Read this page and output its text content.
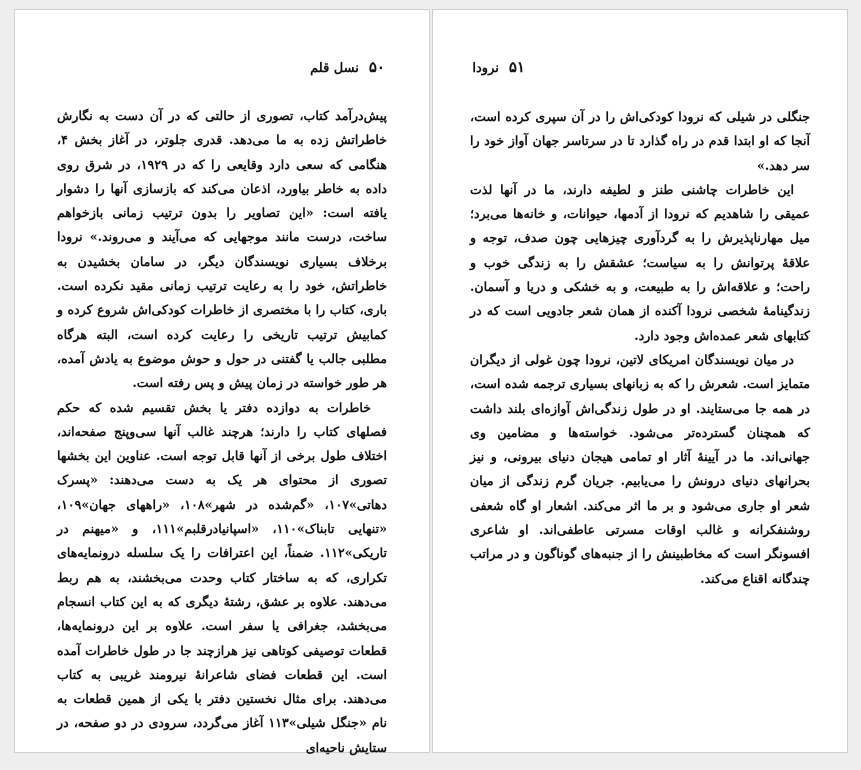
۵۰نسل قلم

پیش‌درآمد کتاب، تصوری از حالتی که در آن دست به نگارش خاطراتش زده به ما می‌دهد. قدری جلوتر، در آغاز بخش ۴، هنگامی که سعی دارد وقایعی را که در ۱۹۲۹، در شرق روی داده به خاطر بیاورد، اذعان می‌کند که بازسازی آنها را دشوار یافته است: «این تصاویر را بدون ترتیب زمانی بازخواهم ساخت، درست مانند موجهایی که می‌آیند و می‌روند.» نرودا برخلاف بسیاری نویسندگان دیگر، در سامان بخشیدن به خاطراتش، خود را به رعایت ترتیب زمانی مقید نکرده است. باری، کتاب را با مختصری از خاطرات کودکی‌اش شروع کرده و کمابیش ترتیب تاریخی را رعایت کرده است، البته هرگاه مطلبی جالب یا گفتنی در حول و حوش موضوع به یادش آمده، هر طور خواسته در زمان پیش و پس رفته است.

خاطرات به دوازده دفتر یا بخش تقسیم شده که حکم فصلهای کتاب را دارند؛ هرچند غالب آنها سی‌وپنج صفحه‌اند، اختلاف طول برخی از آنها قابل توجه است. عناوین این بخشها تصوری از محتوای هر یک به دست می‌دهند: «پسرک دهاتی»۱۰۷، «گم‌شده در شهر»۱۰۸، «راههای جهان»۱۰۹، «تنهایی تابناک»۱۱۰، «اسپانیادرقلبم»۱۱۱، و «میهنم در تاریکی»۱۱۲. ضمناً، این اعترافات را یک سلسله درونمایه‌های تکراری، که به ساختار کتاب وحدت می‌بخشند، به هم ربط می‌دهند. علاوه بر عشق، رشتهٔ دیگری که به این کتاب انسجام می‌بخشد، جغرافی یا سفر است. علاوه بر این درونمایه‌ها، قطعات توصیفی کوتاهی نیز هرازچند جا در طول خاطرات آمده است. این قطعات فضای شاعرانهٔ نیرومند غریبی به کتاب می‌دهند. برای مثال نخستین دفتر با یکی از همین قطعات به نام «جنگل شیلی»۱۱۳ آغاز می‌گردد، سرودی در دو صفحه، در ستایش ناحیه‌ای

۵۱نرودا

جنگلی در شیلی که نرودا کودکی‌اش را در آن سپری کرده است، آنجا که او ابتدا قدم در راه گذارد تا در سرتاسر جهان آواز خود را سر دهد.»

این خاطرات چاشنی طنز و لطیفه دارند، ما در آنها لذت عمیقی را شاهدیم که نرودا از آدمها، حیوانات، و خانه‌ها می‌برد؛ میل مهارناپذیرش را به گردآوری چیزهایی چون صدف، توجه و علاقهٔ پرتوانش را به سیاست؛ عشقش را به زندگی خوب و راحت؛ و علاقه‌اش را به طبیعت، و به خشکی و دریا و آسمان. زندگینامهٔ شخصی نرودا آکنده از همان شعر جادویی است که در کتابهای شعر عمده‌اش وجود دارد.

در میان نویسندگان امریکای لاتین، نرودا چون غولی از دیگران متمایز است. شعرش را که به زبانهای بسیاری ترجمه شده است، در همه جا می‌ستایند. او در طول زندگی‌اش آوازه‌ای بلند داشت که همچنان گسترده‌تر می‌شود. خواسته‌ها و مضامین وی جهانی‌اند. ما در آیینهٔ آثار او تمامی هیجان دنیای بیرونی، و نیز بحرانهای دنیای درونش را می‌یابیم. جریان گرم زندگی از میان شعر او جاری می‌شود و بر ما اثر می‌کند. اشعار او گاه شعفی روشنفکرانه و غالب اوقات مسرتی عاطفی‌اند. او شاعری افسونگر است که مخاطبینش را از جنبه‌های گوناگون و در مراتب چندگانه اقناع می‌کند.
